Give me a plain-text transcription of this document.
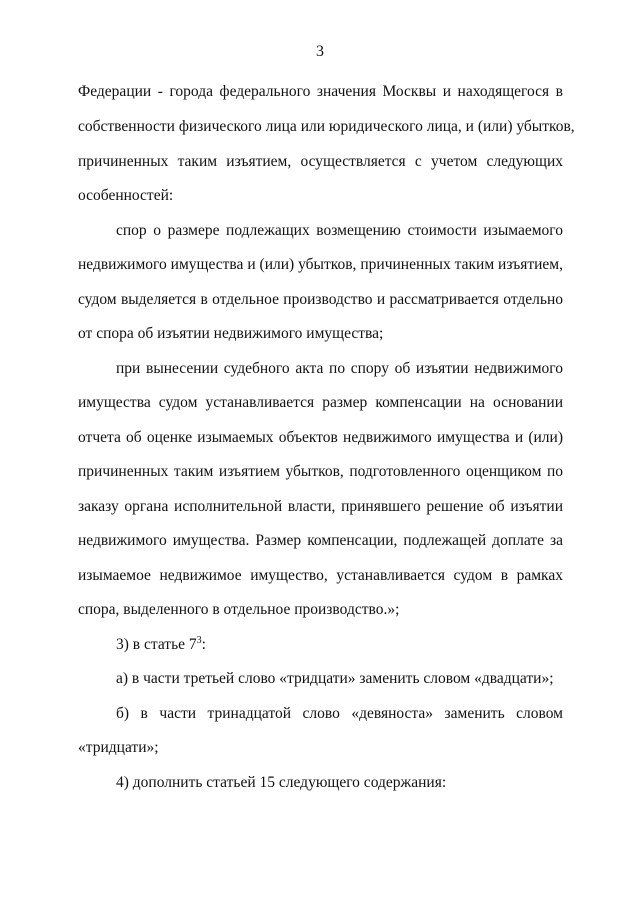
3
Федерации - города федерального значения Москвы и находящегося в
собственности физического лица или юридического лица, и (или) убытков,
причиненных таким изъятием, осуществляется с учетом следующих
особенностей:
спор о размере подлежащих возмещению стоимости изымаемого
недвижимого имущества и (или) убытков, причиненных таким изъятием,
судом выделяется в отдельное производство и рассматривается отдельно
от спора об изъятии недвижимого имущества;
при вынесении судебного акта по спору об изъятии недвижимого
имущества судом устанавливается размер компенсации на основании
отчета об оценке изымаемых объектов недвижимого имущества и (или)
причиненных таким изъятием убытков, подготовленного оценщиком по
заказу органа исполнительной власти, принявшего решение об изъятии
недвижимого имущества. Размер компенсации, подлежащей доплате за
изымаемое недвижимое имущество, устанавливается судом в рамках
спора, выделенного в отдельное производство.»;
3) в статье $7^3$:
а) в части третьей слово «тридцати» заменить словом «двадцати»;
б) в части тринадцатой слово «девяноста» заменить словом
«тридцати»;
4) дополнить статьей 15 следующего содержания:
